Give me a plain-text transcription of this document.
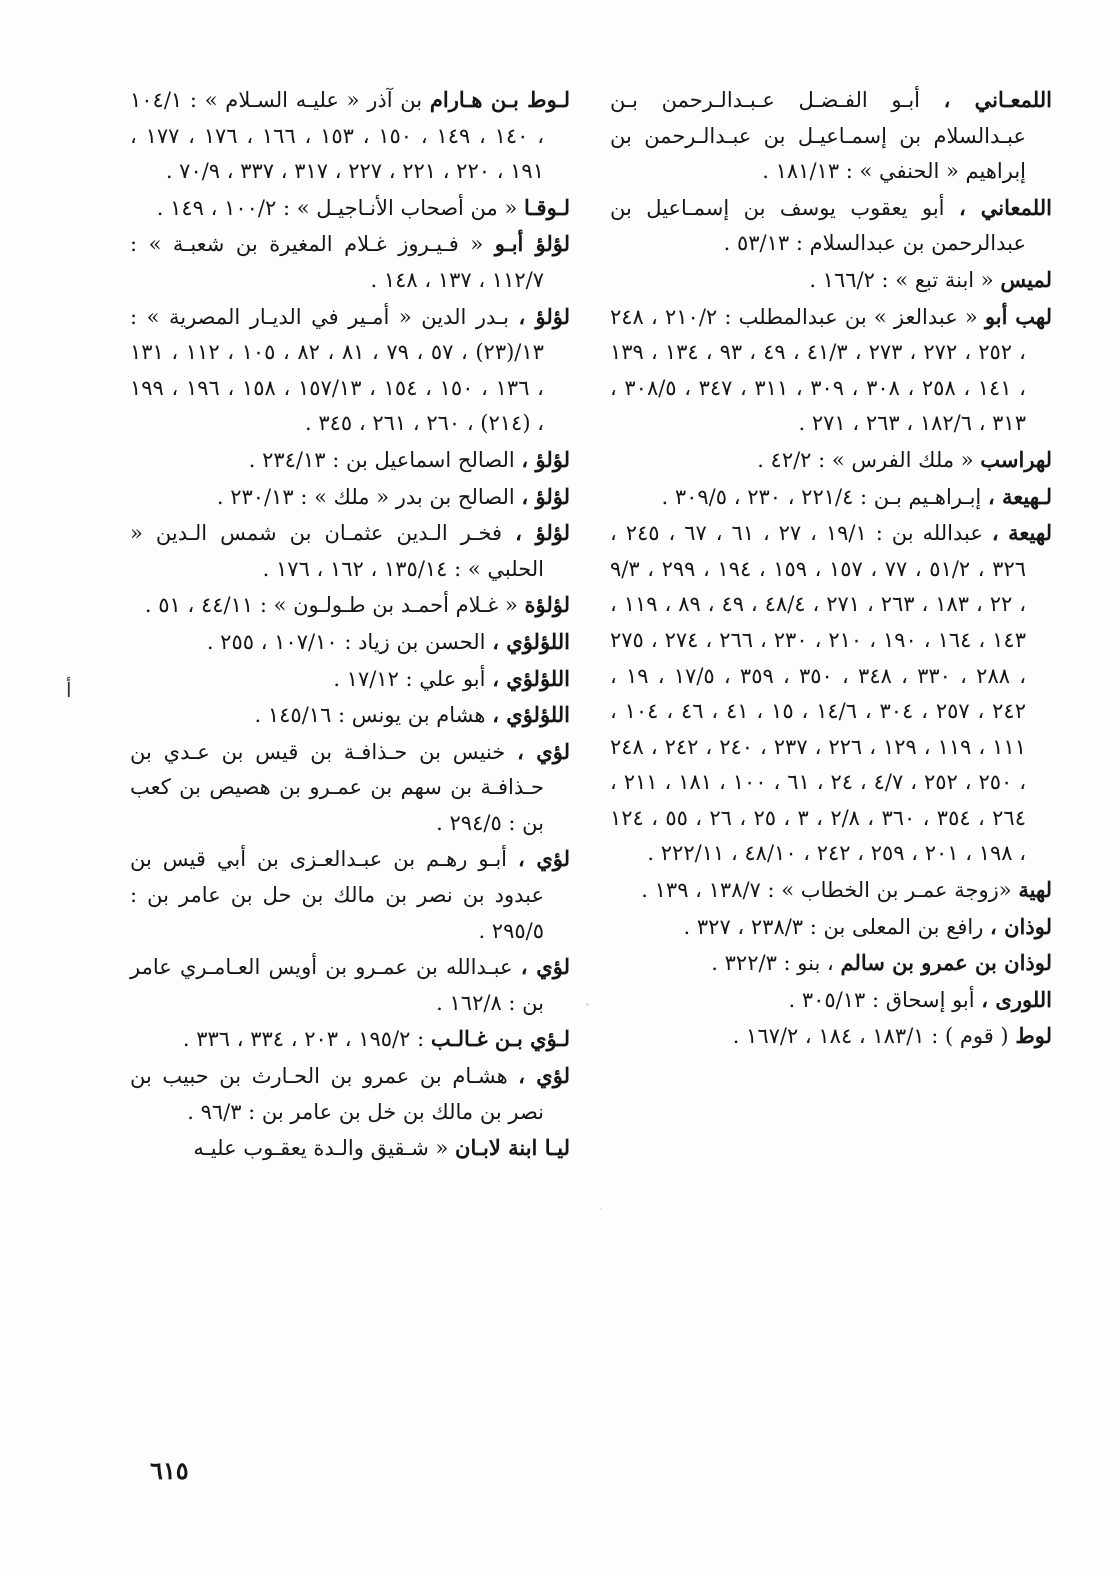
اللمعـاني ، أبـو الفـضـل عـبـدالـرحمن بـن عبـدالسلام بن إسمـاعيـل بن عبـدالـرحمن بن إبراهيم « الحنفي » : ١٨١/١٣ .

اللمعاني ، أبو يعقوب يوسف بن إسمـاعيل بن عبدالرحمن بن عبدالسلام : ٥٣/١٣ .

لميس « ابنة تبع » : ١٦٦/٢ .

لهب أبو « عبدالعز » بن عبدالمطلب : ٢١٠/٢ ، ٢٤٨ ، ٢٥٢ ، ٢٧٢ ، ٢٧٣ ، ٤١/٣ ، ٤٩ ، ٩٣ ، ١٣٤ ، ١٣٩ ، ١٤١ ، ٢٥٨ ، ٣٠٨ ، ٣٠٩ ، ٣١١ ، ٣٤٧ ، ٣٠٨/٥ ، ٣١٣ ، ١٨٢/٦ ، ٢٦٣ ، ٢٧١ .

لهراسب « ملك الفرس » : ٤٢/٢ .

لـهيعة ، إبـراهـيم بـن : ٢٢١/٤ ، ٢٣٠ ، ٣٠٩/٥ .

لهيعة ، عبدالله بن : ١٩/١ ، ٢٧ ، ٦١ ، ٦٧ ، ٢٤٥ ، ٣٢٦ ، ٥١/٢ ، ٧٧ ، ١٥٧ ، ١٥٩ ، ١٩٤ ، ٢٩٩ ، ٩/٣ ، ٢٢ ، ١٨٣ ، ٢٦٣ ، ٢٧١ ، ٤٨/٤ ، ٤٩ ، ٨٩ ، ١١٩ ، ١٤٣ ، ١٦٤ ، ١٩٠ ، ٢١٠ ، ٢٣٠ ، ٢٦٦ ، ٢٧٤ ، ٢٧٥ ، ٢٨٨ ، ٣٣٠ ، ٣٤٨ ، ٣٥٠ ، ٣٥٩ ، ١٧/٥ ، ١٩ ، ٢٤٢ ، ٢٥٧ ، ٣٠٤ ، ١٤/٦ ، ١٥ ، ٤١ ، ٤٦ ، ١٠٤ ، ١١١ ، ١١٩ ، ١٢٩ ، ٢٢٦ ، ٢٣٧ ، ٢٤٠ ، ٢٤٢ ، ٢٤٨ ، ٢٥٠ ، ٢٥٢ ، ٤/٧ ، ٢٤ ، ٦١ ، ١٠٠ ، ١٨١ ، ٢١١ ، ٢٦٤ ، ٣٥٤ ، ٣٦٠ ، ٢/٨ ، ٣ ، ٢٥ ، ٢٦ ، ٥٥ ، ١٢٤ ، ١٩٨ ، ٢٠١ ، ٢٥٩ ، ٢٤٢ ، ٤٨/١٠ ، ٢٢٢/١١ .

لهية «زوجة عمـر بن الخطاب » : ١٣٨/٧ ، ١٣٩ .

لوذان ، رافع بن المعلى بن : ٢٣٨/٣ ، ٣٢٧ .

لوذان بن عمرو بن سالم ، بنو : ٣٢٢/٣ .

اللورى ، أبو إسحاق : ٣٠٥/١٣ .

لوط ( قوم ) : ١٨٣/١ ، ١٨٤ ، ١٦٧/٢ .

لـوط بـن هـارام بن آذر « عليـه السـلام » : ١٠٤/١ ، ١٤٠ ، ١٤٩ ، ١٥٠ ، ١٥٣ ، ١٦٦ ، ١٧٦ ، ١٧٧ ، ١٩١ ، ٢٢٠ ، ٢٢١ ، ٢٢٧ ، ٣١٧ ، ٣٣٧ ، ٧٠/٩ .

لـوقـا « من أصحاب الأنـاجيـل » : ١٠٠/٢ ، ١٤٩ .

لؤلؤ أبـو « فـيـروز غـلام المغيرة بن شعبـة » : ١١٢/٧ ، ١٣٧ ، ١٤٨ .

لؤلؤ ، بـدر الدين « أمـير في الديـار المصرية » : ١٣/(٢٣) ، ٥٧ ، ٧٩ ، ٨١ ، ٨٢ ، ١٠٥ ، ١١٢ ، ١٣١ ، ١٣٦ ، ١٥٠ ، ١٥٤ ، ١٥٧/١٣ ، ١٥٨ ، ١٩٦ ، ١٩٩ ، (٢١٤) ، ٢٦٠ ، ٢٦١ ، ٣٤٥ .

لؤلؤ ، الصالح اسماعيل بن : ٢٣٤/١٣ .

لؤلؤ ، الصالح بن بدر « ملك » : ٢٣٠/١٣ .

لؤلؤ ، فخـر الـدين عثمـان بن شمس الـدين « الحلبي » : ١٣٥/١٤ ، ١٦٢ ، ١٧٦ .

لؤلؤة « غـلام أحمـد بن طـولـون » : ٤٤/١١ ، ٥١ .

اللؤلؤي ، الحسن بن زياد : ١٠٧/١٠ ، ٢٥٥ .

اللؤلؤي ، أبو علي : ١٧/١٢ .

اللؤلؤي ، هشام بن يونس : ١٤٥/١٦ .

لؤي ، خنيس بن حـذافـة بن قيس بن عـدي بن حـذافـة بن سهم بن عمـرو بن هصيص بن كعب بن : ٢٩٤/٥ .

لؤي ، أبـو رهـم بن عبـدالعـزى بن أبي قيس بن عبدود بن نصر بن مالك بن حل بن عامر بن : ٢٩٥/٥ .

لؤي ، عبـدالله بن عمـرو بن أويس العـامـري عامر بن : ١٦٢/٨ .

لـؤي بـن غـالـب : ١٩٥/٢ ، ٢٠٣ ، ٣٣٤ ، ٣٣٦ .

لؤي ، هشـام بن عمرو بن الحـارث بن حبيب بن نصر بن مالك بن خل بن عامر بن : ٩٦/٣ .

ليـا ابنة لابـان « شـقيق والـدة يعقـوب عليـه

أ
٦١٥
